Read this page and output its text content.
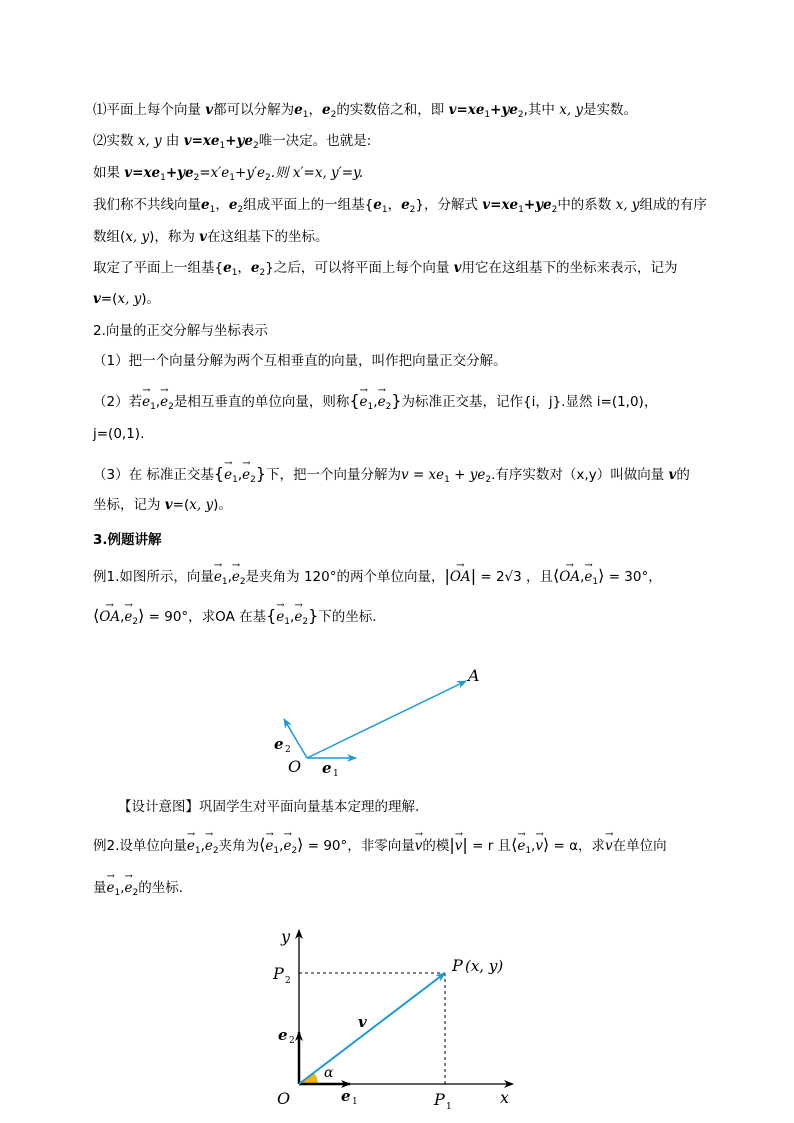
⑴平面上每个向量 v都可以分解为$e_1$，$e_2$的实数倍之和，即 $v=xe_1+ye_2$,其中 x, y是实数。
⑵实数 x, y 由 $v=xe_1+ye_2$唯一决定。也就是:
如果 $v=xe_1+ye_2=x'e_1+y'e_2$.则 x′=x, y′=y.
我们称不共线向量$e_1$，$e_2$组成平面上的一组基{$e_1$，$e_2$}，分解式 $v=xe_1+ye_2$中的系数 x, y组成的有序
数组(x, y)，称为 v在这组基下的坐标。
取定了平面上一组基{$e_1$，$e_2$}之后，可以将平面上每个向量 v用它在这组基下的坐标来表示，记为
v=(x, y)。
2.向量的正交分解与坐标表示
（1）把一个向量分解为两个互相垂直的向量，叫作把向量正交分解。
（2）若→ $e_1,\to e_2$是相互垂直的单位向量，则称{→ $e_1,\to e_2$}为标准正交基，记作{i，j}.显然 i=(1,0)，
j=(0,1).
（3）在 标准正交基{→ $e_1,\to e_2$}下，把一个向量分解为$v = xe_1 + ye_2$.有序实数对（x,y）叫做向量 v的
坐标，记为 v=(x, y)。
3.例题讲解
例1.如图所示，向量→ $e_1,\to e_2$是夹角为 120°的两个单位向量，|→ OA| = 2√3 ，且⟨→ $OA,\to e_1⟩ = 30^\circ$，
⟨→ $OA,\to e_2⟩ = 90^\circ$，求OA 在基{→ $e_1,\to e_2$}下的坐标.
A
O e 1
e 2
【设计意图】巩固学生对平面向量基本定理的理解.
例2.设单位向量→ $e_1,\to e_2$夹角为⟨→ $e_1,\to$ $e_2⟩ = 90^\circ$，非零向量→ v的模|→ v| = r 且⟨→ $e_1,\to$ v⟩ = α，求→ v在单位向
量→ $e_1,\to e_2$的坐标.
y
x
O
P (x, y)
P 2
P 1
v
α
e 1
e 2
